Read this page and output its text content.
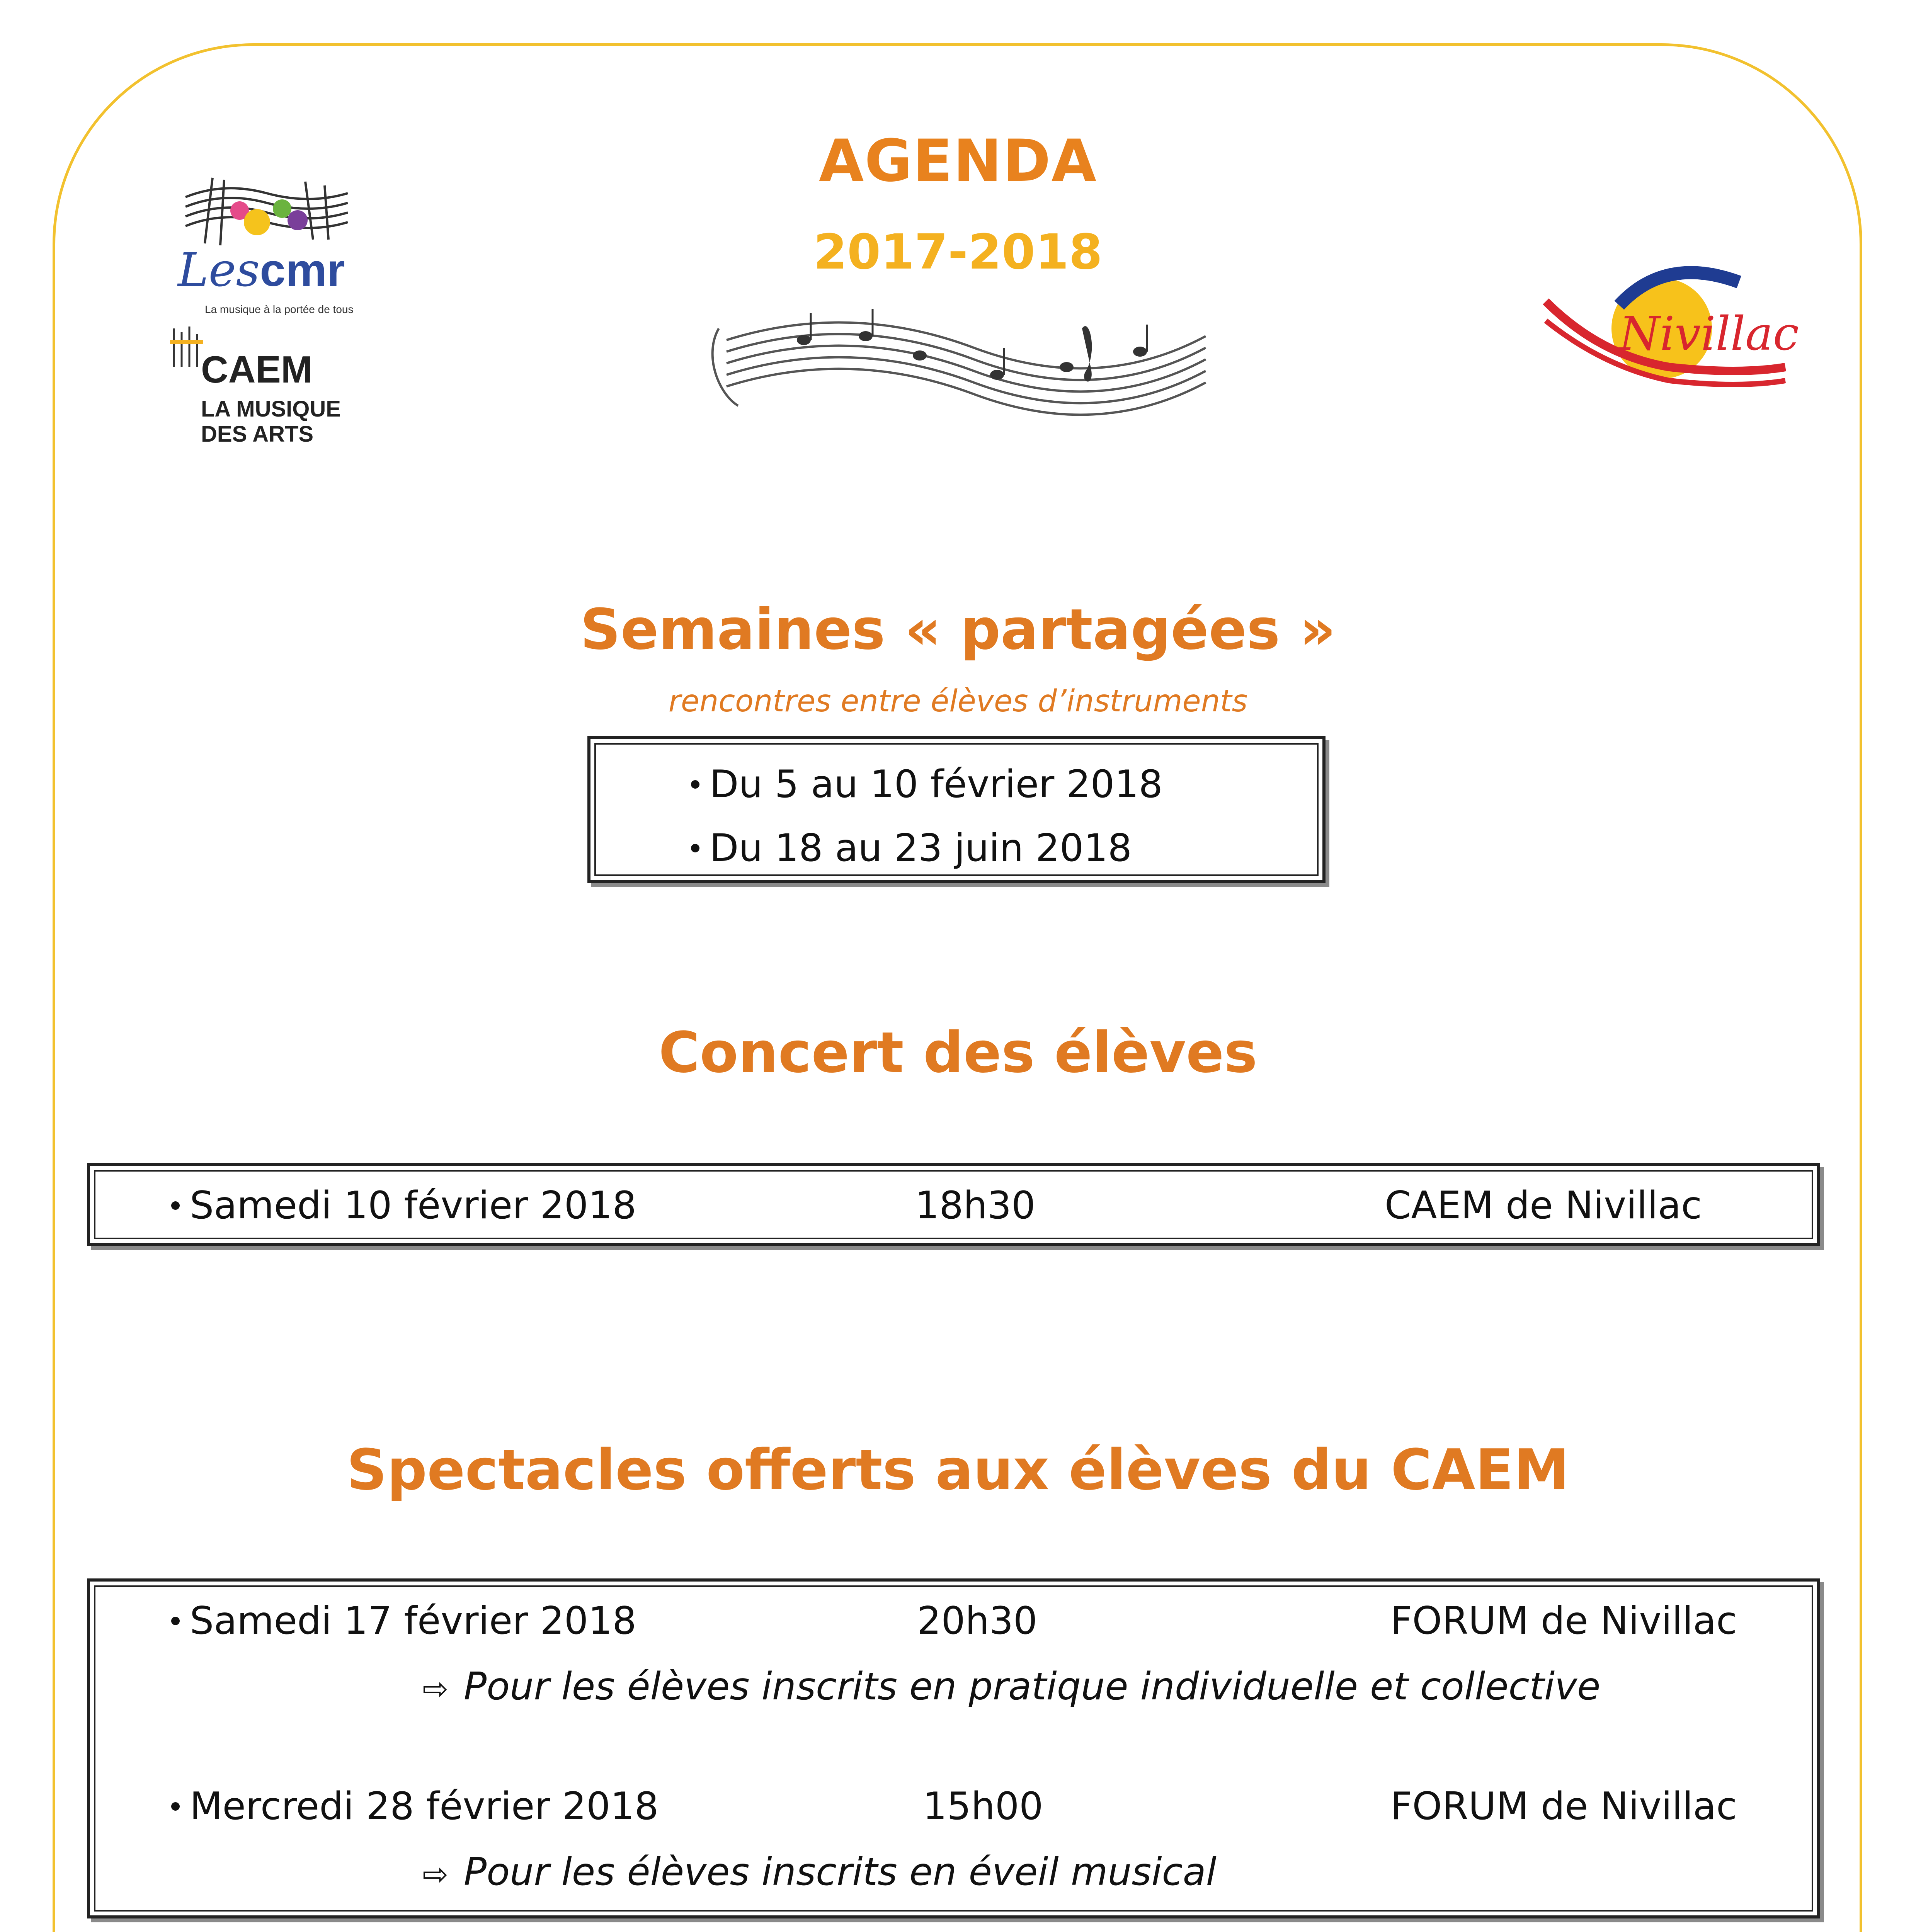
AGENDA
2017-2018
Lescmr
La musique à la portée de tous
CAEM
LA MUSIQUE
DES ARTS
Nivillac
Semaines « partagées »
rencontres entre élèves d’instruments
Du 5 au 10 février 2018
Du 18 au 23 juin 2018
Concert des élèves
Samedi 10 février 2018	18h30	CAEM de Nivillac
Spectacles offerts aux élèves du CAEM
Samedi 17 février 2018	20h30	FORUM de Nivillac
⇨ Pour les élèves inscrits en pratique individuelle et collective
Mercredi 28 février 2018	15h00	FORUM de Nivillac
⇨ Pour les élèves inscrits en éveil musical
